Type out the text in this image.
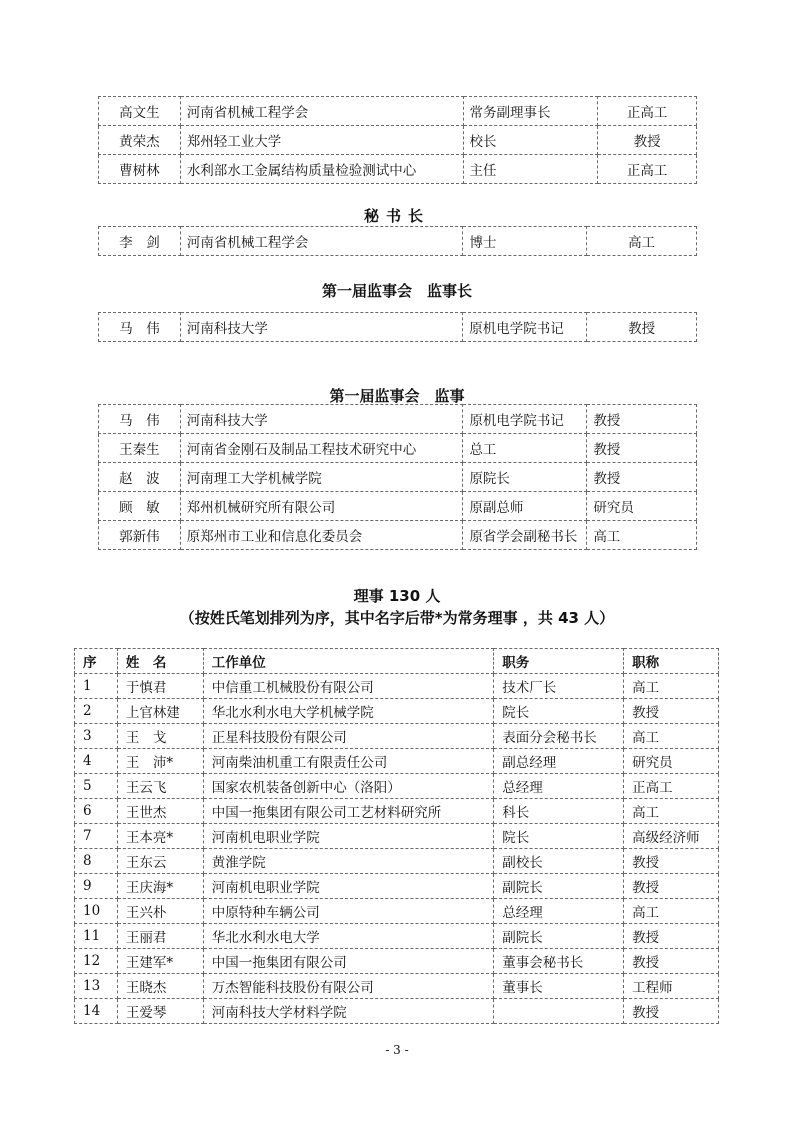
高文生	河南省机械工程学会	常务副理事长	正高工
黄荣杰	郑州轻工业大学	校长	教授
曹树林	水利部水工金属结构质量检验测试中心	主任	正高工
秘书长
李　剑	河南省机械工程学会	博士	高工
第一届监事会　监事长
马　伟	河南科技大学	原机电学院书记	教授
第一届监事会　监事
马　伟	河南科技大学	原机电学院书记	教授
王秦生	河南省金刚石及制品工程技术研究中心	总工	教授
赵　波	河南理工大学机械学院	原院长	教授
顾　敏	郑州机械研究所有限公司	原副总师	研究员
郭新伟	原郑州市工业和信息化委员会	原省学会副秘书长	高工
理事 130 人
（按姓氏笔划排列为序，其中名字后带*为常务理事 ，共 43 人）
序	姓　名	工作单位	职务	职称
1	于慎君	中信重工机械股份有限公司	技术厂长	高工
2	上官林建	华北水利水电大学机械学院	院长	教授
3	王　戈	正星科技股份有限公司	表面分会秘书长	高工
4	王　沛*	河南柴油机重工有限责任公司	副总经理	研究员
5	王云飞	国家农机装备创新中心（洛阳）	总经理	正高工
6	王世杰	中国一拖集团有限公司工艺材料研究所	科长	高工
7	王本亮*	河南机电职业学院	院长	高级经济师
8	王东云	黄淮学院	副校长	教授
9	王庆海*	河南机电职业学院	副院长	教授
10	王兴朴	中原特种车辆公司	总经理	高工
11	王丽君	华北水利水电大学	副院长	教授
12	王建军*	中国一拖集团有限公司	董事会秘书长	教授
13	王晓杰	万杰智能科技股份有限公司	董事长	工程师
14	王爱琴	河南科技大学材料学院		教授
- 3 -
